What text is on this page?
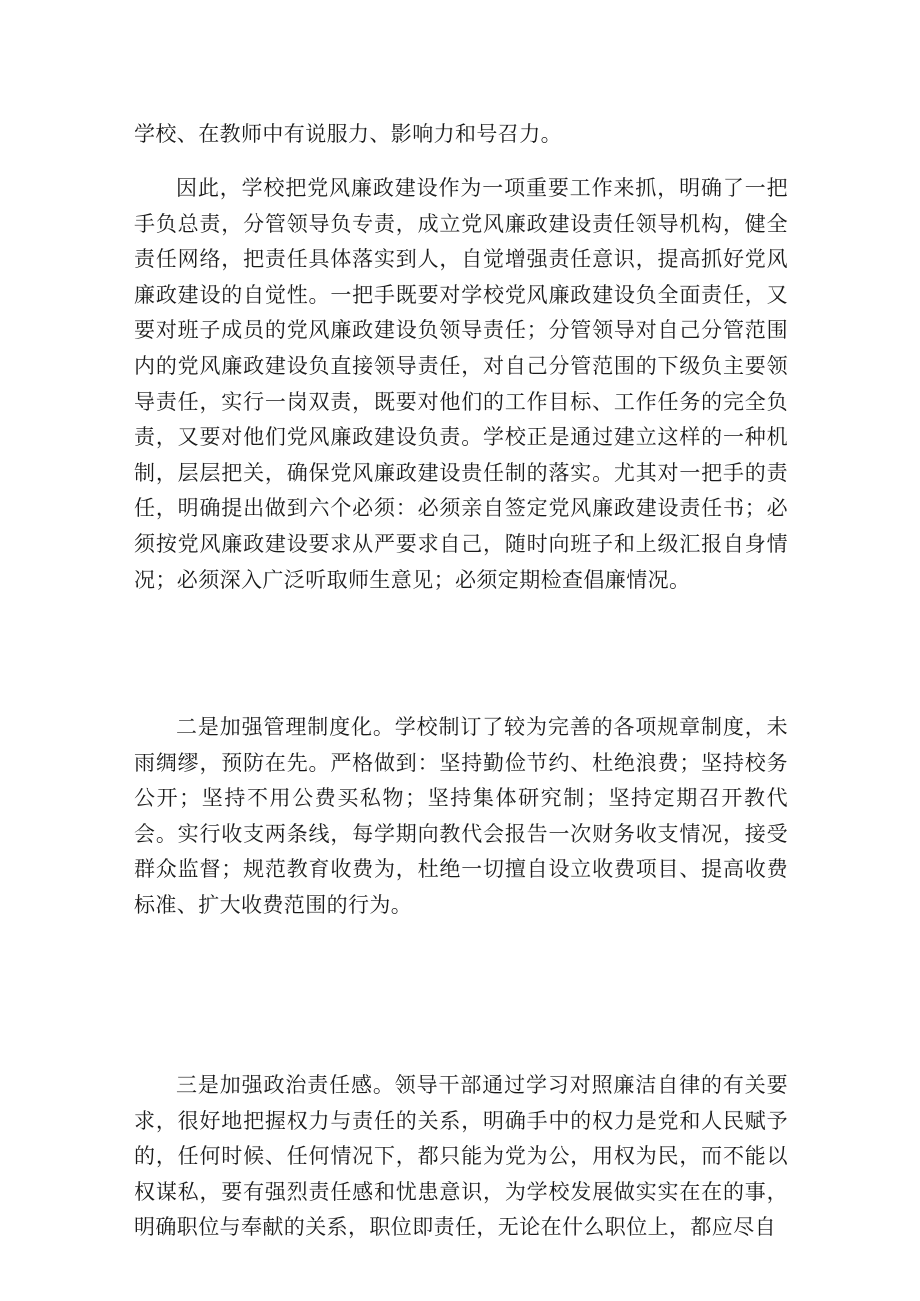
学校、在教师中有说服力、影响力和号召力。

因此，学校把党风廉政建设作为一项重要工作来抓，明确了一把手负总责，分管领导负专责，成立党风廉政建设责任领导机构，健全责任网络，把责任具体落实到人，自觉增强责任意识，提高抓好党风廉政建设的自觉性。一把手既要对学校党风廉政建设负全面责任，又要对班子成员的党风廉政建设负领导责任；分管领导对自己分管范围内的党风廉政建设负直接领导责任，对自己分管范围的下级负主要领导责任，实行一岗双责，既要对他们的工作目标、工作任务的完全负责，又要对他们党风廉政建设负责。学校正是通过建立这样的一种机制，层层把关，确保党风廉政建设贵任制的落实。尤其对一把手的责任，明确提出做到六个必须：必须亲自签定党风廉政建设责任书；必须按党风廉政建设要求从严要求自己，随时向班子和上级汇报自身情况；必须深入广泛听取师生意见；必须定期检查倡廉情况。

二是加强管理制度化。学校制订了较为完善的各项规章制度，未雨绸缪，预防在先。严格做到：坚持勤俭节约、杜绝浪费；坚持校务公开；坚持不用公费买私物；坚持集体研究制；坚持定期召开教代会。实行收支两条线，每学期向教代会报告一次财务收支情况，接受群众监督；规范教育收费为，杜绝一切擅自设立收费项目、提高收费标准、扩大收费范围的行为。

三是加强政治责任感。领导干部通过学习对照廉洁自律的有关要求，很好地把握权力与责任的关系，明确手中的权力是党和人民赋予的，任何时候、任何情况下，都只能为党为公，用权为民，而不能以权谋私，要有强烈责任感和忧患意识，为学校发展做实实在在的事，明确职位与奉献的关系，职位即责任，无论在什么职位上，都应尽自
